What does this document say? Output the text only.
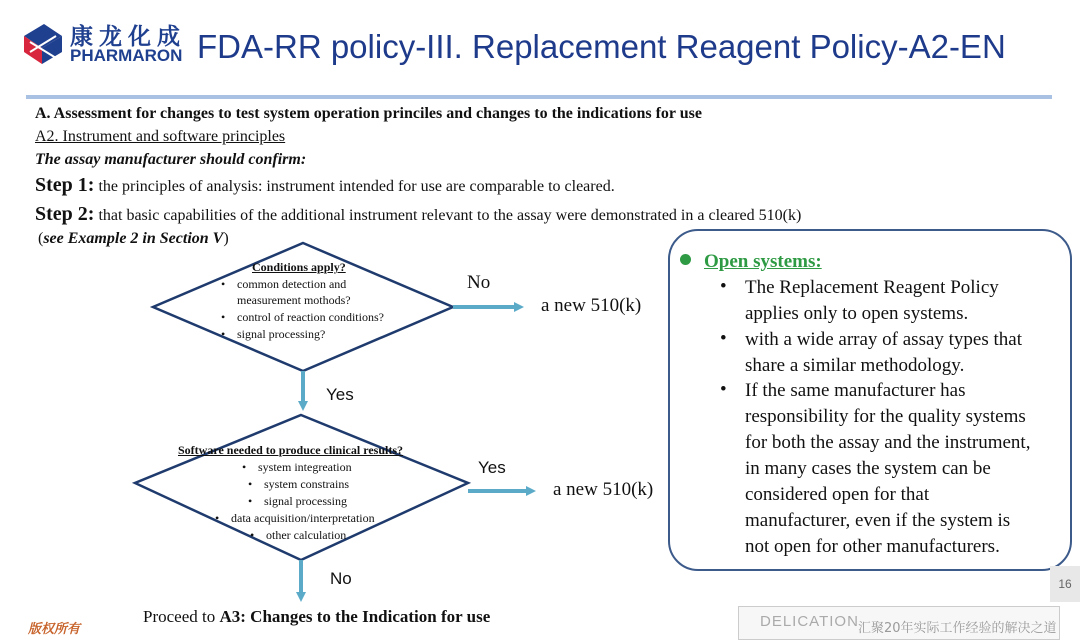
康龙化成
PHARMARON FDA-RR policy-III. Replacement Reagent Policy-A2-EN
A. Assessment for changes to test system operation princiles and changes to the indications for use
A2. Instrument and software principles
The assay manufacturer should confirm:
Step 1: the principles of analysis: instrument intended for use are comparable to cleared.
Step 2: that basic capabilities of the additional instrument relevant to the assay were demonstrated in a cleared 510(k)
(see Example 2 in Section V)
Conditions apply?
• common detection and
measurement mothods?
• control of reaction conditions?
• signal processing?
Software needed to produce clinical results?
• system integreation
• system constrains
• signal processing
• data acquisition/interpretation
• other calculation
No
a new 510(k)
Yes
Yes
a new 510(k)
No
Proceed to A3: Changes to the Indication for use
Open systems:
• The Replacement Reagent Policy
applies only to open systems.
• with a wide array of assay types that
share a similar methodology.
• If the same manufacturer has
responsibility for the quality systems
for both the assay and the instrument,
in many cases the system can be
considered open for that
manufacturer, even if the system is
not open for other manufacturers.
16
版权所有	DELICATION 汇聚20年实际工作经验的解决之道
